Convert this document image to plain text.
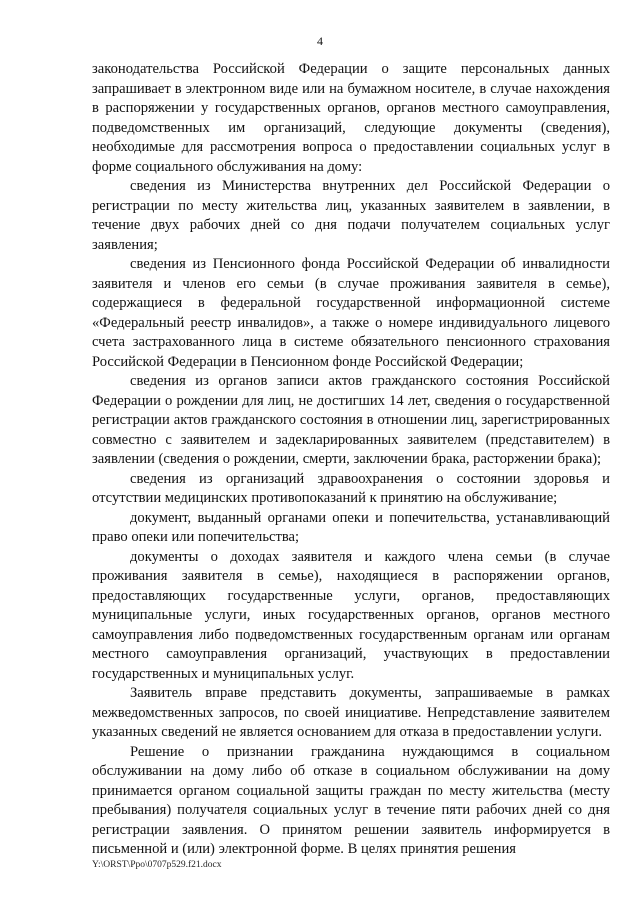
4

законодательства Российской Федерации о защите персональных данных запрашивает в электронном виде или на бумажном носителе, в случае нахождения в распоряжении у государственных органов, органов местного самоуправления, подведомственных им организаций, следующие документы (сведения), необходимые для рассмотрения вопроса о предоставлении социальных услуг в форме социального обслуживания на дому:

сведения из Министерства внутренних дел Российской Федерации о регистрации по месту жительства лиц, указанных заявителем в заявлении, в течение двух рабочих дней со дня подачи получателем социальных услуг заявления;

сведения из Пенсионного фонда Российской Федерации об инвалидности заявителя и членов его семьи (в случае проживания заявителя в семье), содержащиеся в федеральной государственной информационной системе «Федеральный реестр инвалидов», а также о номере индивидуального лицевого счета застрахованного лица в системе обязательного пенсионного страхования Российской Федерации в Пенсионном фонде Российской Федерации;

сведения из органов записи актов гражданского состояния Российской Федерации о рождении для лиц, не достигших 14 лет, сведения о государственной регистрации актов гражданского состояния в отношении лиц, зарегистрированных совместно с заявителем и задекларированных заявителем (представителем) в заявлении (сведения о рождении, смерти, заключении брака, расторжении брака);

сведения из организаций здравоохранения о состоянии здоровья и отсутствии медицинских противопоказаний к принятию на обслуживание;

документ, выданный органами опеки и попечительства, устанавливающий право опеки или попечительства;

документы о доходах заявителя и каждого члена семьи (в случае проживания заявителя в семье), находящиеся в распоряжении органов, предоставляющих государственные услуги, органов, предоставляющих муниципальные услуги, иных государственных органов, органов местного самоуправления либо подведомственных государственным органам или органам местного самоуправления организаций, участвующих в предоставлении государственных и муниципальных услуг.

Заявитель вправе представить документы, запрашиваемые в рамках межведомственных запросов, по своей инициативе. Непредставление заявителем указанных сведений не является основанием для отказа в предоставлении услуги.

Решение о признании гражданина нуждающимся в социальном обслуживании на дому либо об отказе в социальном обслуживании на дому принимается органом социальной защиты граждан по месту жительства (месту пребывания) получателя социальных услуг в течение пяти рабочих дней со дня регистрации заявления. О принятом решении заявитель информируется в письменной и (или) электронной форме. В целях принятия решения

Y:\ORST\Ppo\0707p529.f21.docx
